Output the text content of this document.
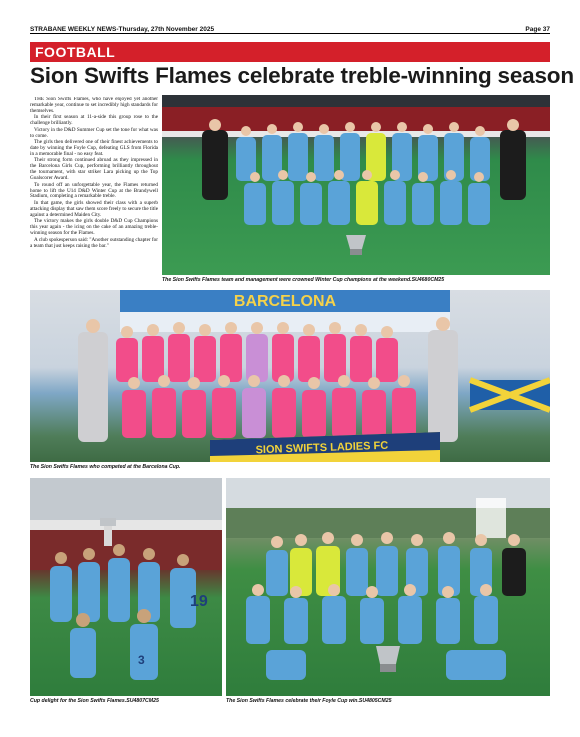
STRABANE WEEKLY NEWS-Thursday, 27th November 2025	Page 37
FOOTBALL
Sion Swifts Flames celebrate treble-winning season

THE Sion Swifts Flames, who have enjoyed yet another remarkable year, continue to set incredibly high standards for themselves.

In their first season at 11-a-side this group rose to the challenge brilliantly.

Victory in the D&D Summer Cup set the tone for what was to come.

The girls then delivered one of their finest achievements to date by winning the Foyle Cup, defeating GLS from Florida in a memorable final - no easy feat.

Their strong form continued abroad as they impressed in the Barcelona Girls Cup, performing brilliantly throughout the tournament, with star striker Lara picking up the Top Goalscorer Award.

To round off an unforgettable year, the Flames returned home to lift the U14 D&D Winter Cup at the Brandywell Stadium, completing a remarkable treble.

In that game, the girls showed their class with a superb attacking display that saw them score freely to secure the title against a determined Maiden City.

The victory makes the girls double D&D Cup Champions this year again - the icing on the cake of an amazing treble-winning season for the Flames.

A club spokesperson said: "Another outstanding chapter for a team that just keeps raising the bar."

The Sion Swifts Flames team and management were crowned Winter Cup champions at the weekend.SU4680CM25
BARCELONA
SION SWIFTS LADIES FC
The Sion Swifts Flames who competed at the Barcelona Cup.
19
3
Cup delight for the Sion Swifts Flames.SU4807CM25	The Sion Swifts Flames celebrate their Foyle Cup win.SU4805CM25
